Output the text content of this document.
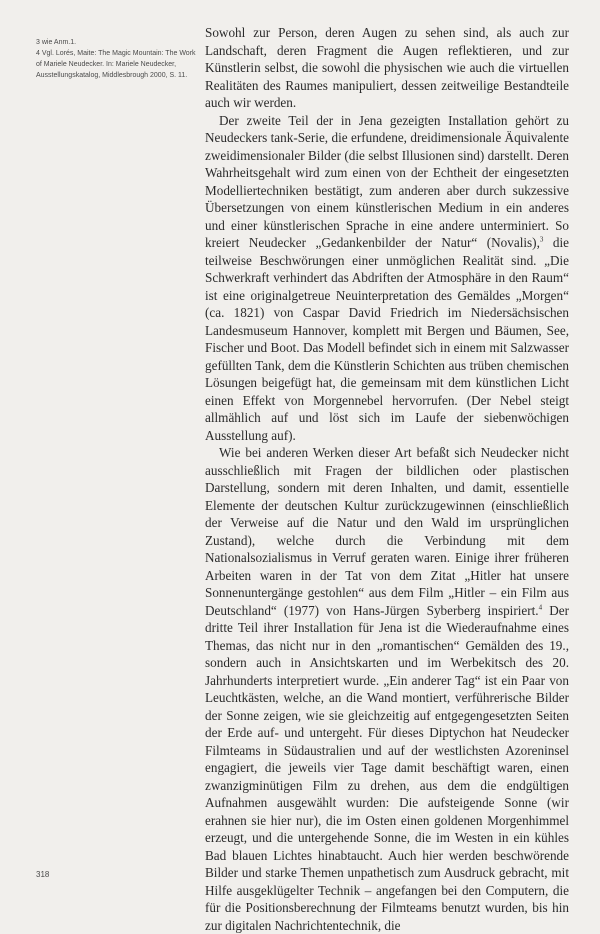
3 wie Anm.1.

4 Vgl. Lorés, Maite: The Magic Mountain: The Work of Mariele Neudecker. In: Mariele Neudecker, Ausstellungskatalog, Middlesbrough 2000, S. 11.

Sowohl zur Person, deren Augen zu sehen sind, als auch zur Landschaft, deren Fragment die Augen reflektieren, und zur Künstlerin selbst, die sowohl die physischen wie auch die virtuellen Realitäten des Raumes manipuliert, dessen zeitweilige Bestandteile auch wir werden.

Der zweite Teil der in Jena gezeigten Installation gehört zu Neudeckers tank-Serie, die erfundene, dreidimensionale Äquivalente zweidimensionaler Bilder (die selbst Illusionen sind) darstellt. Deren Wahrheitsgehalt wird zum einen von der Echtheit der eingesetzten Modelliertechniken bestätigt, zum anderen aber durch sukzessive Übersetzungen von einem künstlerischen Medium in ein anderes und einer künstlerischen Sprache in eine andere unterminiert. So kreiert Neudecker „Gedankenbilder der Natur“ (Novalis),$^3$ die teilweise Beschwörungen einer unmöglichen Realität sind. „Die Schwerkraft verhindert das Abdriften der Atmosphäre in den Raum“ ist eine originalgetreue Neuinterpretation des Gemäldes „Morgen“ (ca. 1821) von Caspar David Friedrich im Niedersächsischen Landesmuseum Hannover, komplett mit Bergen und Bäumen, See, Fischer und Boot. Das Modell befindet sich in einem mit Salzwasser gefüllten Tank, dem die Künstlerin Schichten aus trüben chemischen Lösungen beigefügt hat, die gemeinsam mit dem künstlichen Licht einen Effekt von Morgennebel hervorrufen. (Der Nebel steigt allmählich auf und löst sich im Laufe der siebenwöchigen Ausstellung auf).

Wie bei anderen Werken dieser Art befaßt sich Neudecker nicht ausschließlich mit Fragen der bildlichen oder plastischen Darstellung, sondern mit deren Inhalten, und damit, essentielle Elemente der deutschen Kultur zurückzugewinnen (einschließlich der Verweise auf die Natur und den Wald im ursprünglichen Zustand), welche durch die Verbindung mit dem Nationalsozialismus in Verruf geraten waren. Einige ihrer früheren Arbeiten waren in der Tat von dem Zitat „Hitler hat unsere Sonnenuntergänge gestohlen“ aus dem Film „Hitler – ein Film aus Deutschland“ (1977) von Hans-Jürgen Syberberg inspiriert.$^4$ Der dritte Teil ihrer Installation für Jena ist die Wiederaufnahme eines Themas, das nicht nur in den „romantischen“ Gemälden des 19., sondern auch in Ansichtskarten und im Werbekitsch des 20. Jahrhunderts interpretiert wurde. „Ein anderer Tag“ ist ein Paar von Leuchtkästen, welche, an die Wand montiert, verführerische Bilder der Sonne zeigen, wie sie gleichzeitig auf entgegengesetzten Seiten der Erde auf- und untergeht. Für dieses Diptychon hat Neudecker Filmteams in Südaustralien und auf der westlichsten Azoreninsel engagiert, die jeweils vier Tage damit beschäftigt waren, einen zwanzigminütigen Film zu drehen, aus dem die endgültigen Aufnahmen ausgewählt wurden: Die aufsteigende Sonne (wir erahnen sie hier nur), die im Osten einen goldenen Morgenhimmel erzeugt, und die untergehende Sonne, die im Westen in ein kühles Bad blauen Lichtes hinabtaucht. Auch hier werden beschwörende Bilder und starke Themen unpathetisch zum Ausdruck gebracht, mit Hilfe ausgeklügelter Technik – angefangen bei den Computern, die für die Positionsberechnung der Filmteams benutzt wurden, bis hin zur digitalen Nachrichtentechnik, die

318
